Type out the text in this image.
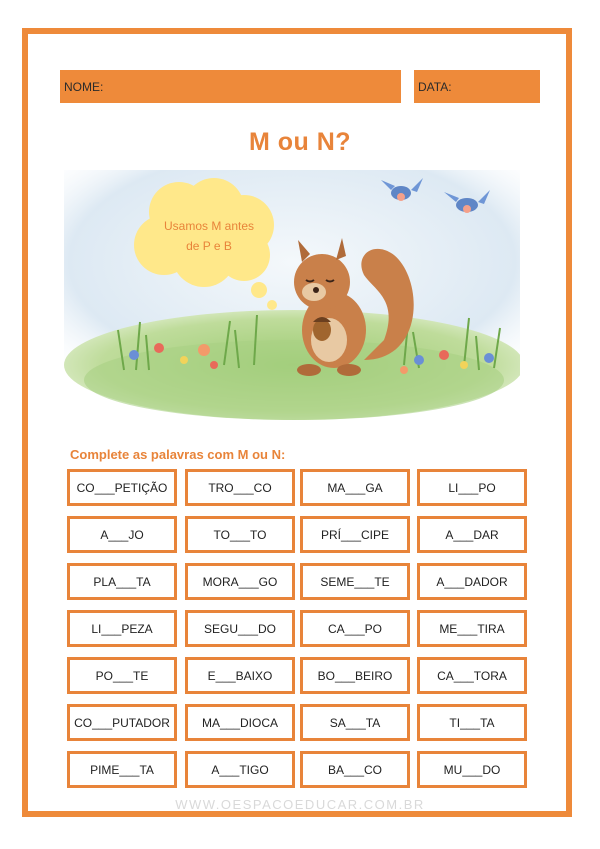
NOME:	DATA:
M ou N?
Usamos M antes
de P e B
Complete as palavras com M ou N:
CO___PETIÇÃO	TRO___CO	MA___GA	LI___PO
A___JO	TO___TO	PRÍ___CIPE	A___DAR
PLA___TA	MORA___GO	SEME___TE	A___DADOR
LI___PEZA	SEGU___DO	CA___PO	ME___TIRA
PO___TE	E___BAIXO	BO___BEIRO	CA___TORA
CO___PUTADOR	MA___DIOCA	SA___TA	TI___TA
PIME___TA	A___TIGO	BA___CO	MU___DO
WWW.OESPACOEDUCAR.COM.BR
